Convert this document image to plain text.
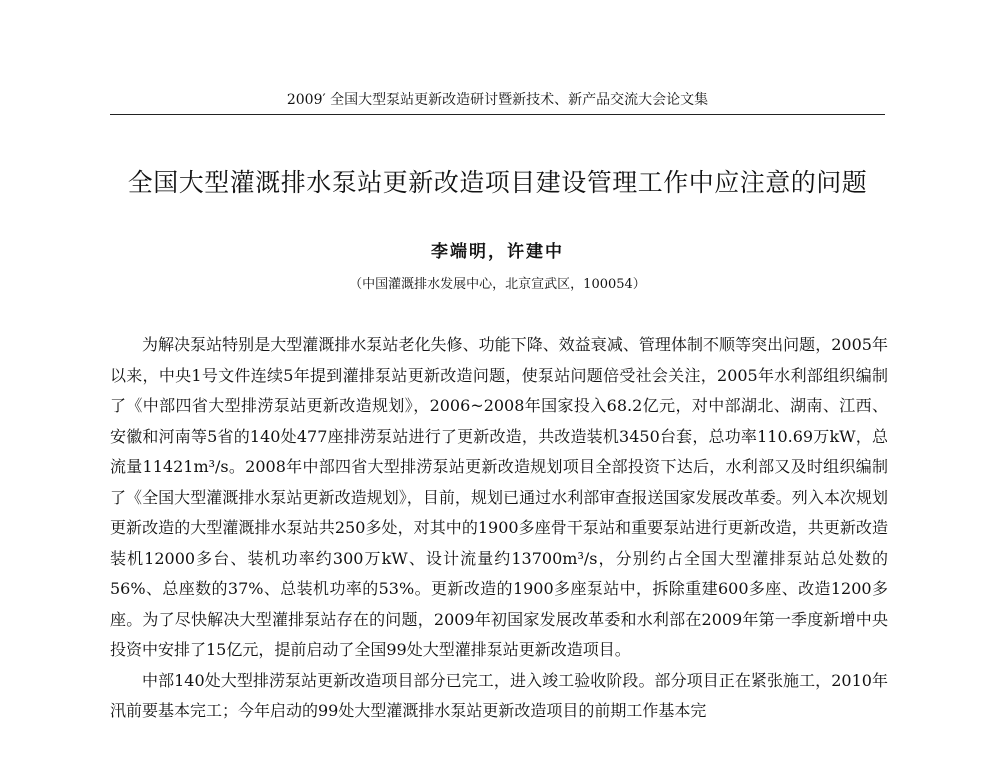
2009′ 全国大型泵站更新改造研讨暨新技术、新产品交流大会论文集
全国大型灌溉排水泵站更新改造项目建设管理工作中应注意的问题
李端明，许建中
（中国灌溉排水发展中心，北京宣武区，100054）

为解决泵站特别是大型灌溉排水泵站老化失修、功能下降、效益衰减、管理体制不顺等突出问题，2005年以来，中央1号文件连续5年提到灌排泵站更新改造问题，使泵站问题倍受社会关注，2005年水利部组织编制了《中部四省大型排涝泵站更新改造规划》，2006~2008年国家投入68.2亿元，对中部湖北、湖南、江西、安徽和河南等5省的140处477座排涝泵站进行了更新改造，共改造装机3450台套，总功率110.69万kW，总流量11421m³/s。2008年中部四省大型排涝泵站更新改造规划项目全部投资下达后，水利部又及时组织编制了《全国大型灌溉排水泵站更新改造规划》，目前，规划已通过水利部审查报送国家发展改革委。列入本次规划更新改造的大型灌溉排水泵站共250多处，对其中的1900多座骨干泵站和重要泵站进行更新改造，共更新改造装机12000多台、装机功率约300万kW、设计流量约13700m³/s，分别约占全国大型灌排泵站总处数的56%、总座数的37%、总装机功率的53%。更新改造的1900多座泵站中，拆除重建600多座、改造1200多座。为了尽快解决大型灌排泵站存在的问题，2009年初国家发展改革委和水利部在2009年第一季度新增中央投资中安排了15亿元，提前启动了全国99处大型灌排泵站更新改造项目。

中部140处大型排涝泵站更新改造项目部分已完工，进入竣工验收阶段。部分项目正在紧张施工，2010年汛前要基本完工；今年启动的99处大型灌溉排水泵站更新改造项目的前期工作基本完
